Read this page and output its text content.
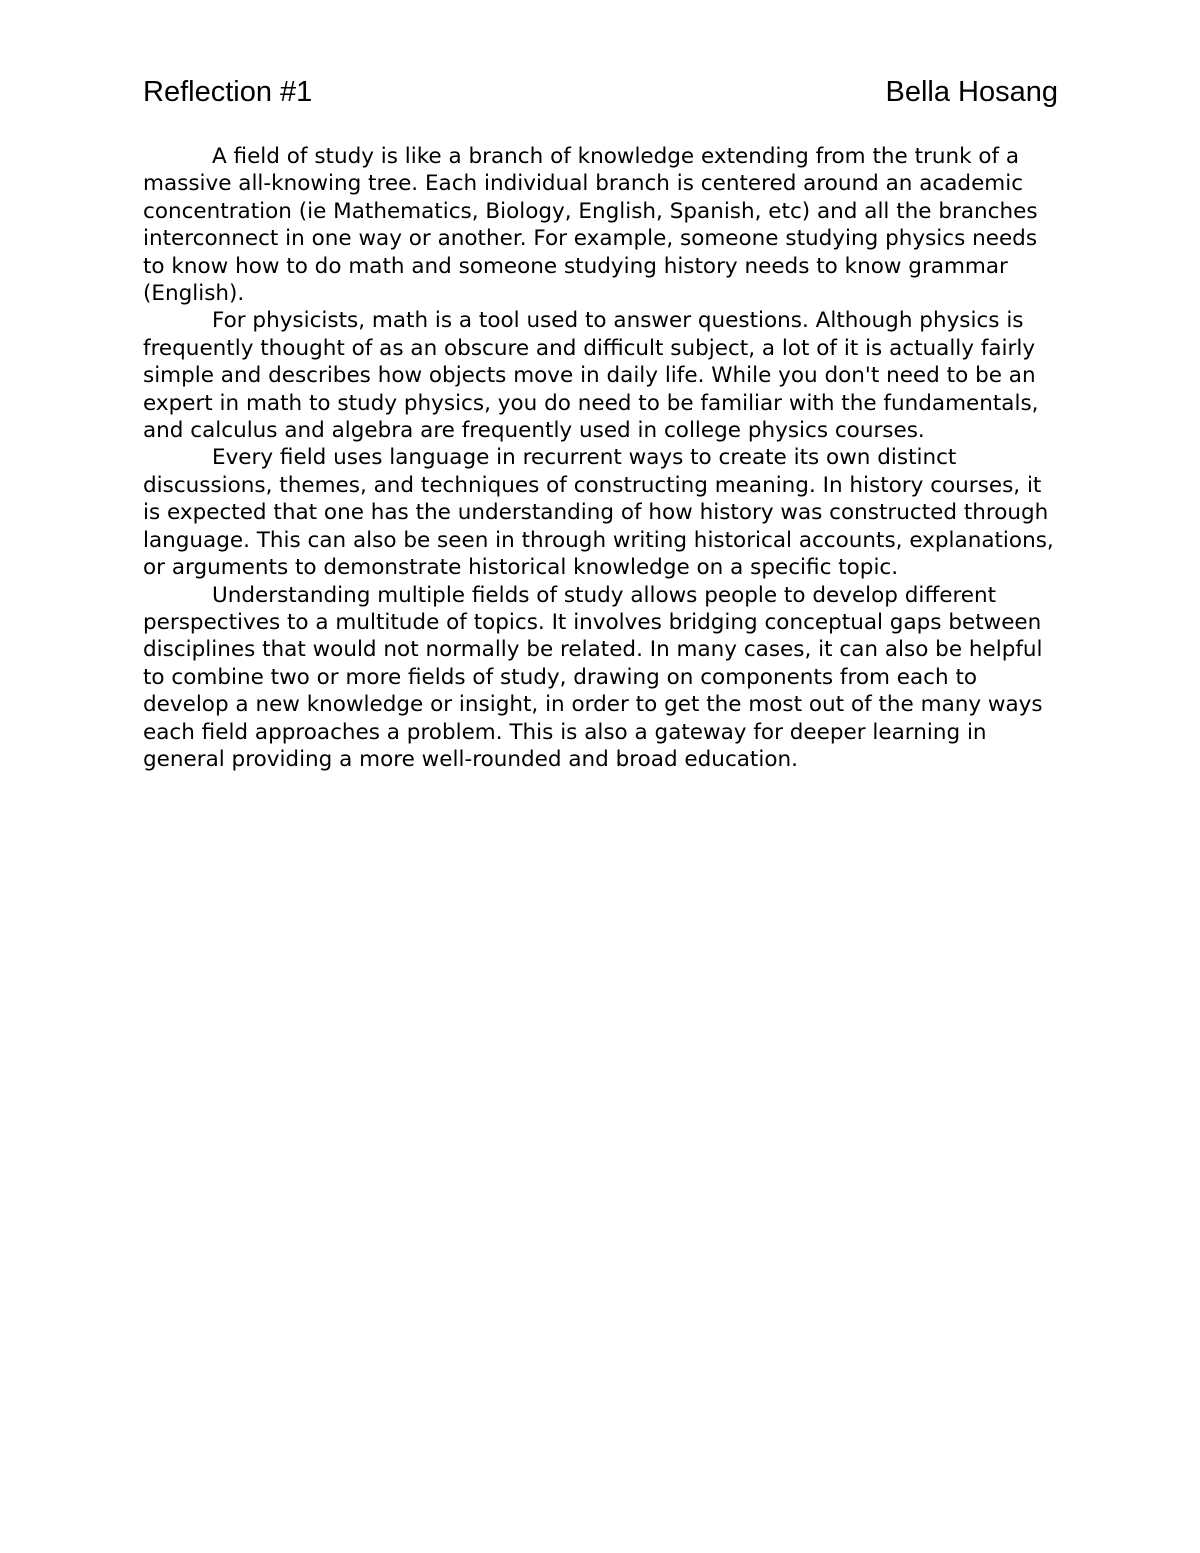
Reflection #1	Bella Hosang

A field of study is like a branch of knowledge extending from the trunk of a massive all-knowing tree. Each individual branch is centered around an academic concentration (ie Mathematics, Biology, English, Spanish, etc) and all the branches interconnect in one way or another. For example, someone studying physics needs to know how to do math and someone studying history needs to know grammar (English).

For physicists, math is a tool used to answer questions. Although physics is frequently thought of as an obscure and difficult subject, a lot of it is actually fairly simple and describes how objects move in daily life. While you don't need to be an expert in math to study physics, you do need to be familiar with the fundamentals, and calculus and algebra are frequently used in college physics courses.

Every field uses language in recurrent ways to create its own distinct discussions, themes, and techniques of constructing meaning. In history courses, it is expected that one has the understanding of how history was constructed through language. This can also be seen in through writing historical accounts, explanations, or arguments to demonstrate historical knowledge on a specific topic.

Understanding multiple fields of study allows people to develop different perspectives to a multitude of topics. It involves bridging conceptual gaps between disciplines that would not normally be related. In many cases, it can also be helpful to combine two or more fields of study, drawing on components from each to develop a new knowledge or insight, in order to get the most out of the many ways each field approaches a problem. This is also a gateway for deeper learning in general providing a more well-rounded and broad education.
